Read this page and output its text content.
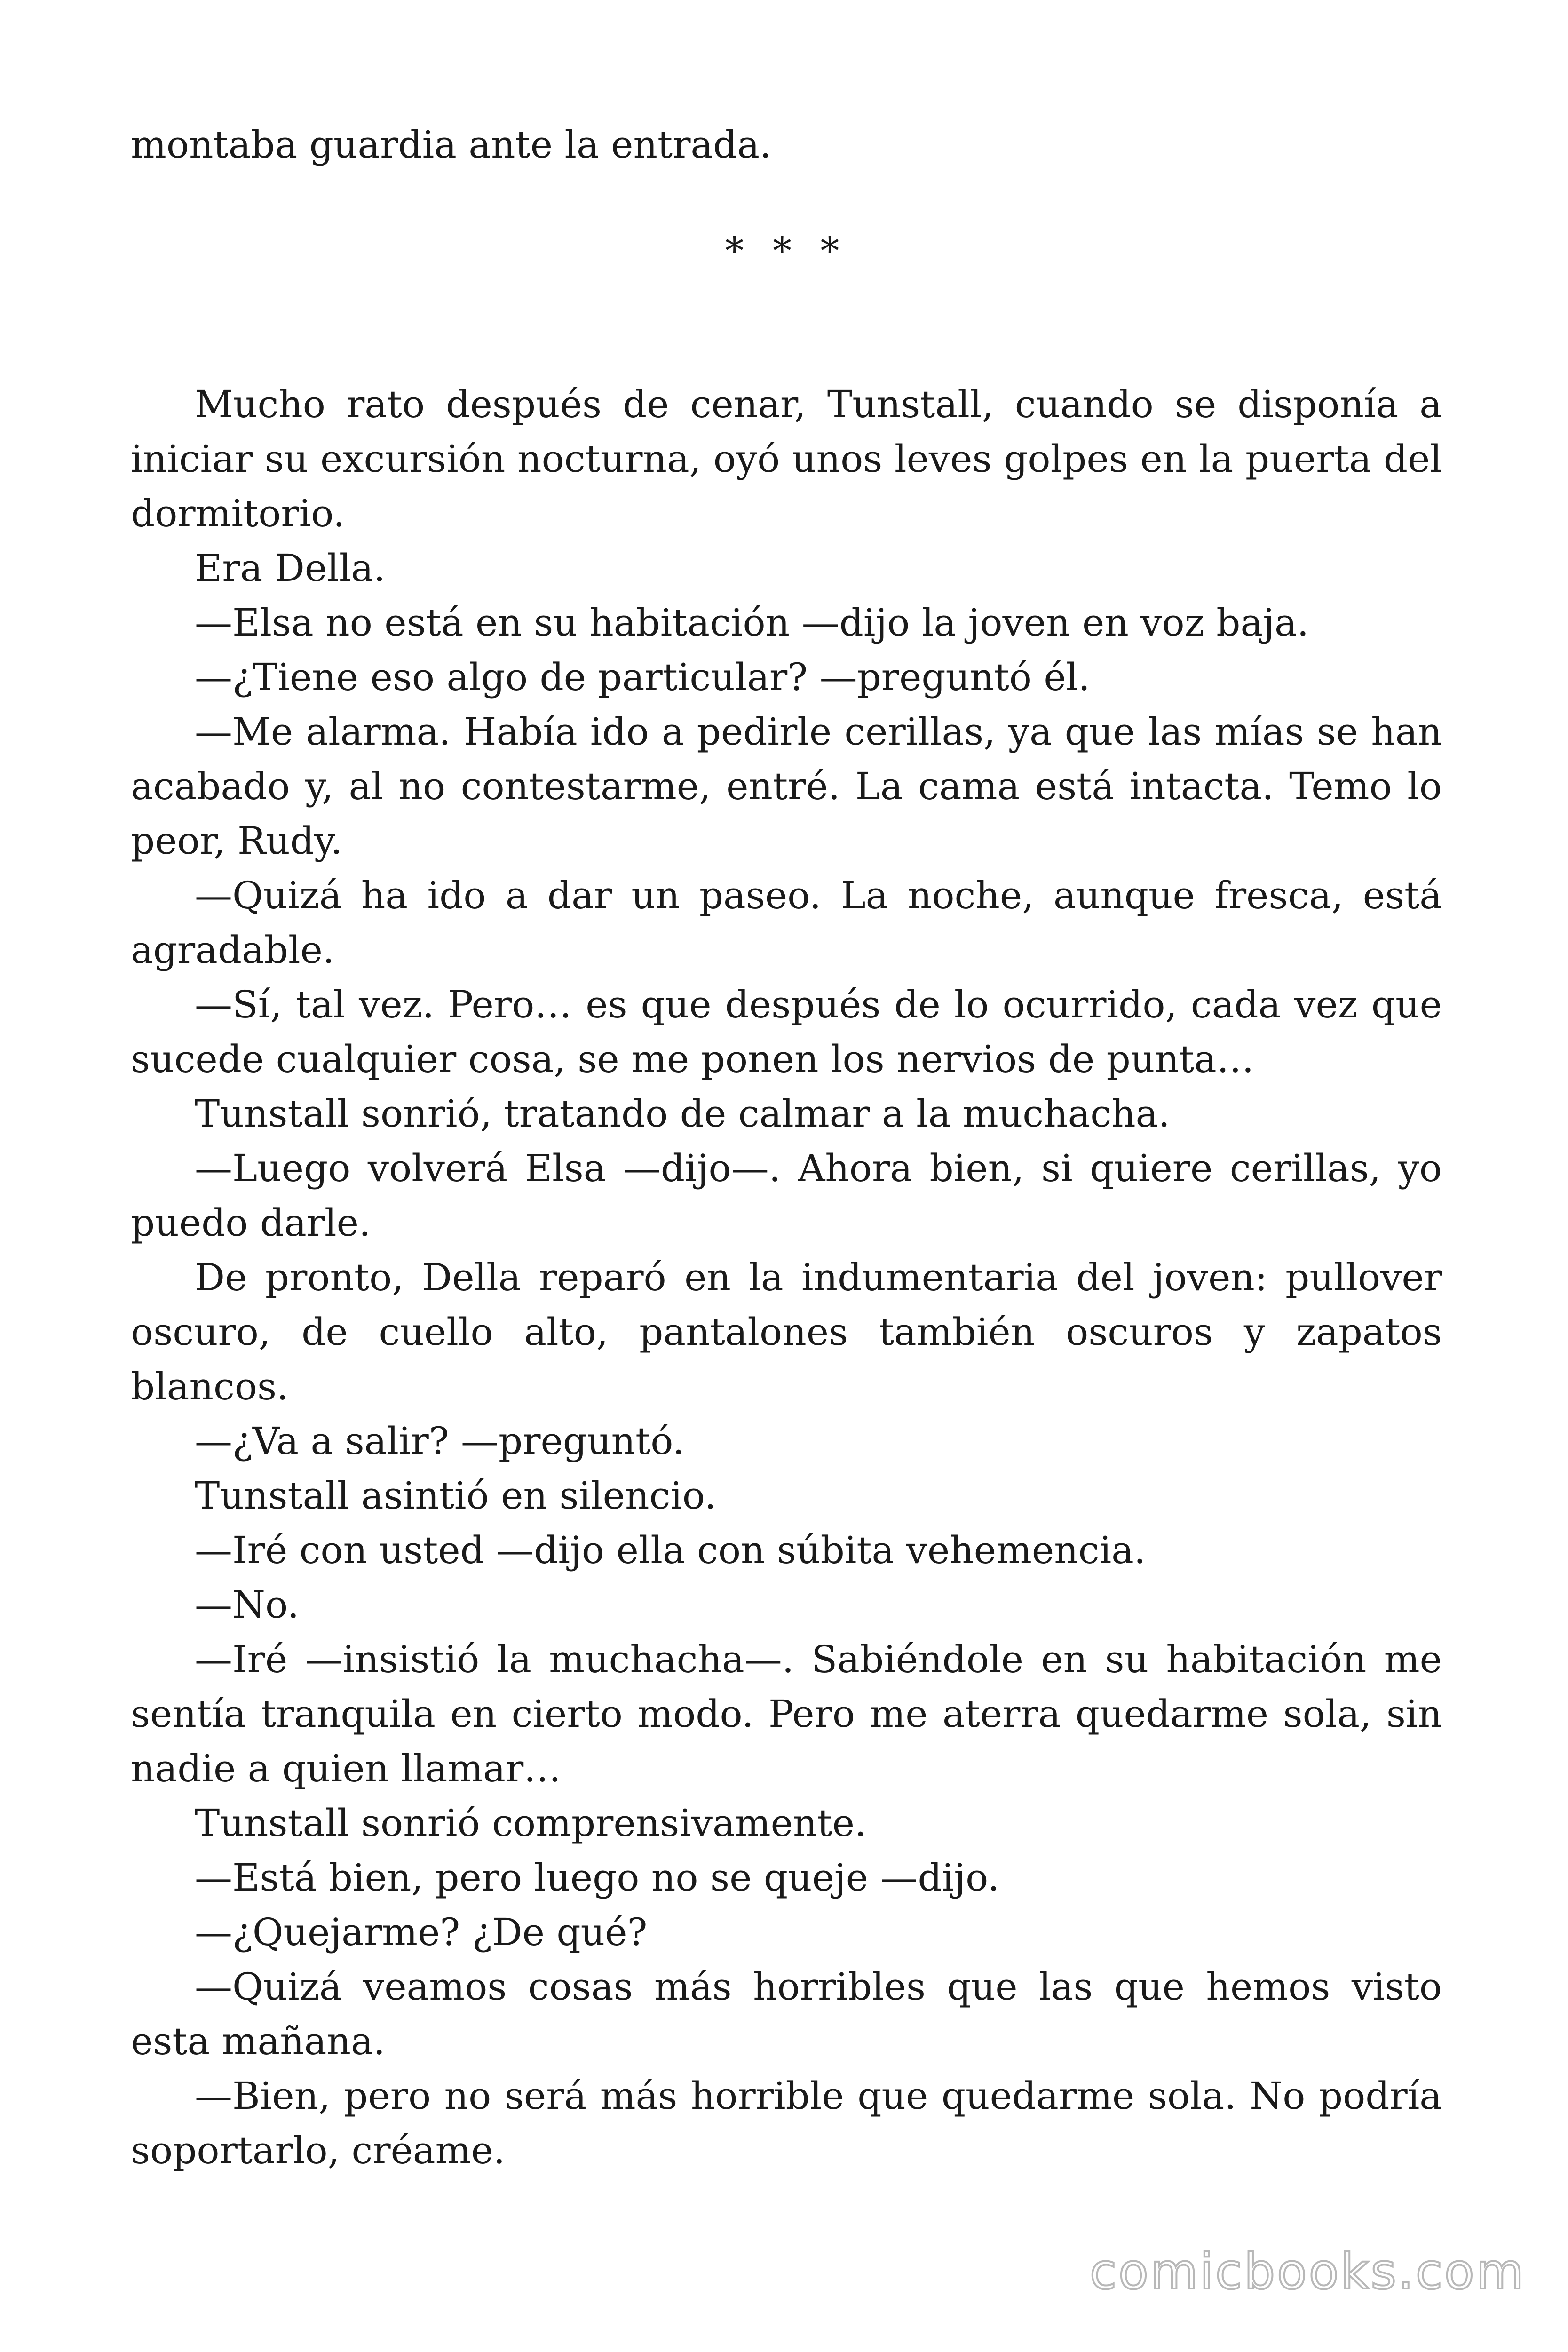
montaba guardia ante la entrada.

* * *

Mucho rato después de cenar, Tunstall, cuando se disponía a iniciar su excursión nocturna, oyó unos leves golpes en la puerta del dormitorio.

Era Della.

—Elsa no está en su habitación —dijo la joven en voz baja.

—¿Tiene eso algo de particular? —preguntó él.

—Me alarma. Había ido a pedirle cerillas, ya que las mías se han acabado y, al no contestarme, entré. La cama está intacta. Temo lo peor, Rudy.

—Quizá ha ido a dar un paseo. La noche, aunque fresca, está agradable.

—Sí, tal vez. Pero… es que después de lo ocurrido, cada vez que sucede cualquier cosa, se me ponen los nervios de punta…

Tunstall sonrió, tratando de calmar a la muchacha.

—Luego volverá Elsa —dijo—. Ahora bien, si quiere cerillas, yo puedo darle.

De pronto, Della reparó en la indumentaria del joven: pullover oscuro, de cuello alto, pantalones también oscuros y zapatos blancos.

—¿Va a salir? —preguntó.

Tunstall asintió en silencio.

—Iré con usted —dijo ella con súbita vehemencia.

—No.

—Iré —insistió la muchacha—. Sabiéndole en su habitación me sentía tranquila en cierto modo. Pero me aterra quedarme sola, sin nadie a quien llamar…

Tunstall sonrió comprensivamente.

—Está bien, pero luego no se queje —dijo.

—¿Quejarme? ¿De qué?

—Quizá veamos cosas más horribles que las que hemos visto esta mañana.

—Bien, pero no será más horrible que quedarme sola. No podría soportarlo, créame.

comicbooks.com
